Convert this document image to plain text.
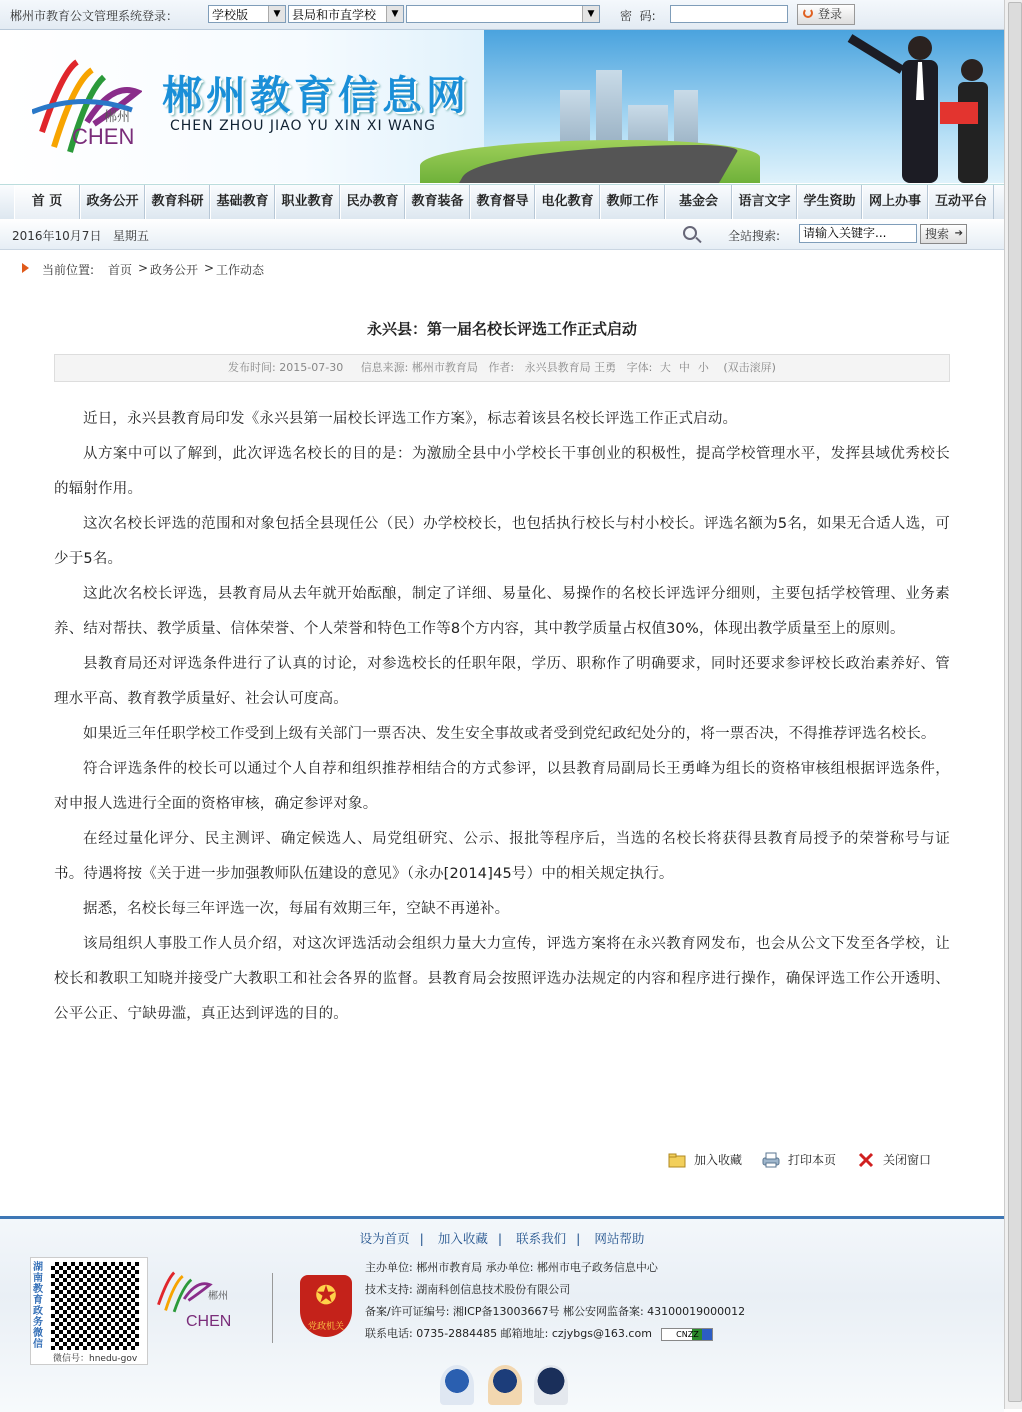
郴州市教育公文管理系统登录：	学校版	▼ 县局和市直学校	▼	▼	密  码:	登录
郴州
CHEN
郴州教育信息网
CHEN ZHOU JIAO YU XIN XI WANG
首 页	政务公开 教育科研 基础教育 职业教育 民办教育 教育装备 教育督导 电化教育 教师工作	基金会	语言文字 学生资助	网上办事	互动平台
2016年10月7日   星期五	全站搜索:	请输入关键字...	搜索 ➔
当前位置: 首页 > 政务公开 > 工作动态
永兴县：第一届名校长评选工作正式启动
发布时间: 2015-07-30 信息来源: 郴州市教育局 作者: 永兴县教育局 王勇 字体: 大 中 小 (双击滚屏)

近日，永兴县教育局印发《永兴县第一届校长评选工作方案》，标志着该县名校长评选工作正式启动。

从方案中可以了解到，此次评选名校长的目的是：为激励全县中小学校长干事创业的积极性，提高学校管理水平，发挥县域优秀校长的辐射作用。

这次名校长评选的范围和对象包括全县现任公（民）办学校校长，也包括执行校长与村小校长。评选名额为5名，如果无合适人选，可少于5名。

这此次名校长评选，县教育局从去年就开始酝酿，制定了详细、易量化、易操作的名校长评选评分细则，主要包括学校管理、业务素养、结对帮扶、教学质量、信体荣誉、个人荣誉和特色工作等8个方内容，其中教学质量占权值30%，体现出教学质量至上的原则。

县教育局还对评选条件进行了认真的讨论，对参选校长的任职年限，学历、职称作了明确要求，同时还要求参评校长政治素养好、管理水平高、教育教学质量好、社会认可度高。

如果近三年任职学校工作受到上级有关部门一票否决、发生安全事故或者受到党纪政纪处分的，将一票否决，不得推荐评选名校长。

符合评选条件的校长可以通过个人自荐和组织推荐相结合的方式参评，以县教育局副局长王勇峰为组长的资格审核组根据评选条件，对申报人选进行全面的资格审核，确定参评对象。

在经过量化评分、民主测评、确定候选人、局党组研究、公示、报批等程序后，当选的名校长将获得县教育局授予的荣誉称号与证书。待遇将按《关于进一步加强教师队伍建设的意见》（永办[2014]45号）中的相关规定执行。

据悉，名校长每三年评选一次，每届有效期三年，空缺不再递补。

该局组织人事股工作人员介绍，对这次评选活动会组织力量大力宣传，评选方案将在永兴教育网发布，也会从公文下发至各学校，让校长和教职工知晓并接受广大教职工和社会各界的监督。县教育局会按照评选办法规定的内容和程序进行操作，确保评选工作公开透明、公平公正、宁缺毋滥，真正达到评选的目的。

加入收藏	打印本页	关闭窗口
设为首页 | 加入收藏 | 联系我们 | 网站帮助
湖南教育政务微信
微信号：hnedu-gov
郴州
CHEN
✪
党政机关
主办单位: 郴州市教育局 承办单位: 郴州市电子政务信息中心
技术支持: 湖南科创信息技术股份有限公司
备案/许可证编号: 湘ICP备13003667号 郴公安网监备案: 43100019000012
联系电话: 0735-2884485 邮箱地址: czjybgs@163.com	CNZZ
